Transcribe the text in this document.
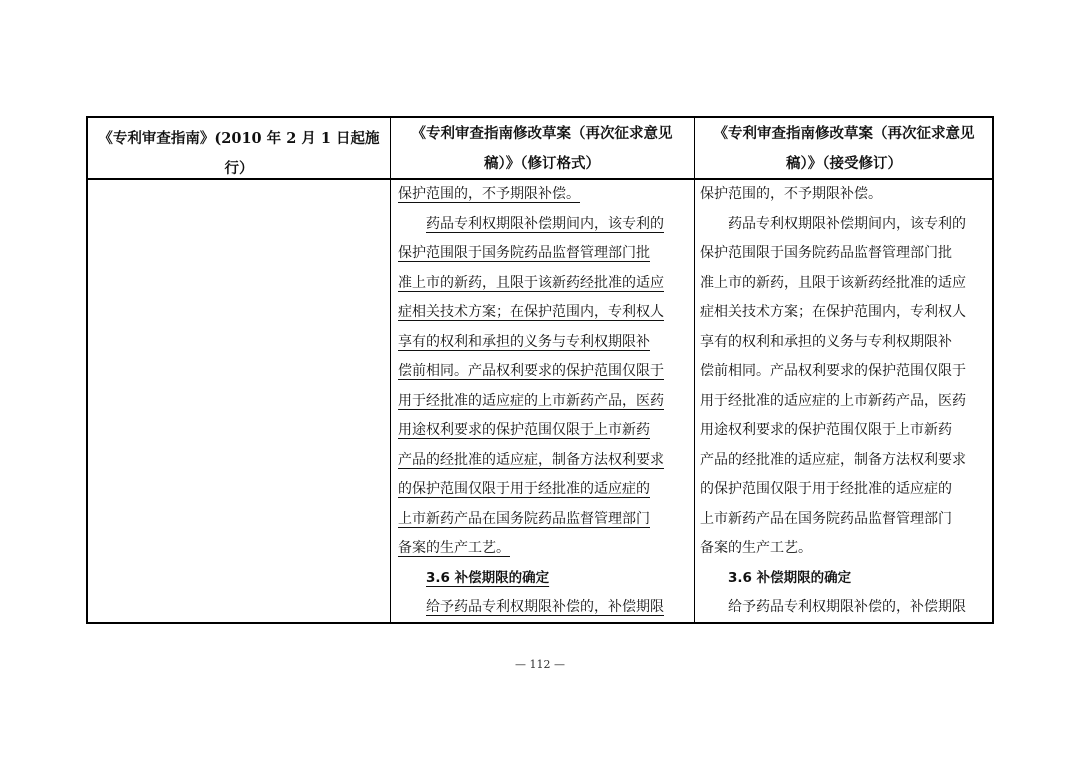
《专利审查指南》(2010 年 2 月 1 日起施行）
《专利审查指南修改草案（再次征求意见
稿）》（修订格式）
《专利审查指南修改草案（再次征求意见
稿）》（接受修订）
保护范围的，不予期限补偿。
药品专利权期限补偿期间内，该专利的
保护范围限于国务院药品监督管理部门批
准上市的新药，且限于该新药经批准的适应
症相关技术方案；在保护范围内，专利权人
享有的权利和承担的义务与专利权期限补
偿前相同。产品权利要求的保护范围仅限于
用于经批准的适应症的上市新药产品，医药
用途权利要求的保护范围仅限于上市新药
产品的经批准的适应症，制备方法权利要求
的保护范围仅限于用于经批准的适应症的
上市新药产品在国务院药品监督管理部门
备案的生产工艺。
3.6 补偿期限的确定
给予药品专利权期限补偿的，补偿期限
保护范围的，不予期限补偿。
药品专利权期限补偿期间内，该专利的
保护范围限于国务院药品监督管理部门批
准上市的新药，且限于该新药经批准的适应
症相关技术方案；在保护范围内，专利权人
享有的权利和承担的义务与专利权期限补
偿前相同。产品权利要求的保护范围仅限于
用于经批准的适应症的上市新药产品，医药
用途权利要求的保护范围仅限于上市新药
产品的经批准的适应症，制备方法权利要求
的保护范围仅限于用于经批准的适应症的
上市新药产品在国务院药品监督管理部门
备案的生产工艺。
3.6 补偿期限的确定
给予药品专利权期限补偿的，补偿期限
— 112 —
